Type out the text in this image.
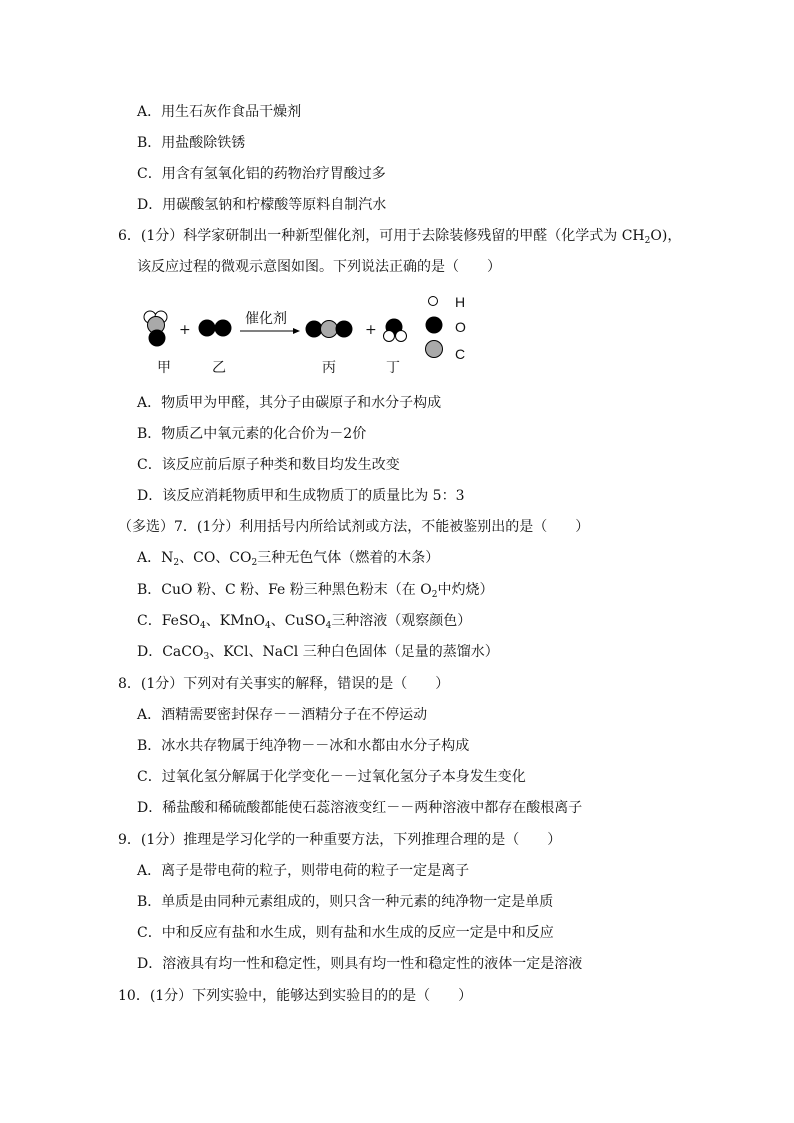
A．用生石灰作食品干燥剂
B．用盐酸除铁锈
C．用含有氢氧化铝的药物治疗胃酸过多
D．用碳酸氢钠和柠檬酸等原料自制汽水
6．(1分）科学家研制出一种新型催化剂，可用于去除装修残留的甲醛（化学式为 $CH_2O$)，
该反应过程的微观示意图如图。下列说法正确的是（　　）
+	+
催化剂
H
O
C
甲	乙	丙	丁
A．物质甲为甲醛，其分子由碳原子和水分子构成
B．物质乙中氧元素的化合价为－2价
C．该反应前后原子种类和数目均发生改变
D．该反应消耗物质甲和生成物质丁的质量比为 5：3
（多选）7．(1分）利用括号内所给试剂或方法，不能被鉴别出的是（　　）
A．$N_2$、CO、$CO_2$三种无色气体（燃着的木条）
B．CuO 粉、C 粉、Fe 粉三种黑色粉末（在 $O_2$中灼烧）
C．FeSO$_4$、KMnO$_4$、CuSO$_4$三种溶液（观察颜色）
D．CaCO$_3$、KCl、NaCl 三种白色固体（足量的蒸馏水）
8．(1分）下列对有关事实的解释，错误的是（　　）
A．酒精需要密封保存－－酒精分子在不停运动
B．冰水共存物属于纯净物－－冰和水都由水分子构成
C．过氧化氢分解属于化学变化－－过氧化氢分子本身发生变化
D．稀盐酸和稀硫酸都能使石蕊溶液变红－－两种溶液中都存在酸根离子
9．(1分）推理是学习化学的一种重要方法，下列推理合理的是（　　）
A．离子是带电荷的粒子，则带电荷的粒子一定是离子
B．单质是由同种元素组成的，则只含一种元素的纯净物一定是单质
C．中和反应有盐和水生成，则有盐和水生成的反应一定是中和反应
D．溶液具有均一性和稳定性，则具有均一性和稳定性的液体一定是溶液
10．(1分）下列实验中，能够达到实验目的的是（　　）
